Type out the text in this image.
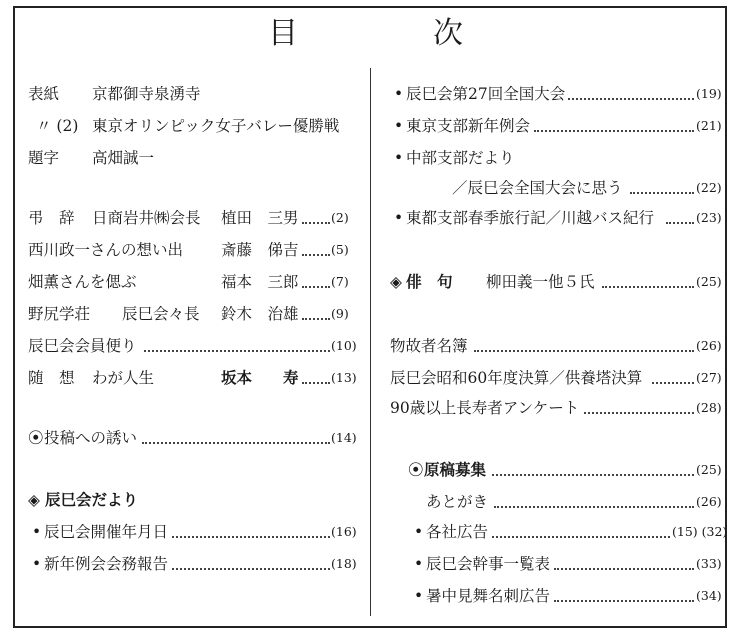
目	次
表紙 京都御寺泉湧寺
〃 (2) 東京オリンピック女子バレー優勝戦
題字 高畑誠一
弔　辞 日商岩井㈱会長 植田　三男	(2)
西川政一さんの想い出 斎藤　俤吉	(5)
畑薫さんを偲ぶ	福本　三郎	(7)
野尻学荘 辰巳会々長 鈴木　治雄	(9)
辰巳会会員便り	(10)
随　想 わが人生	坂本　　寿	(13)
⦿ 投稿への誘い	(14)
◈ 辰巳会だより
• 辰巳会開催年月日	(16)
• 新年例会会務報告	(18)
• 辰巳会第27回全国大会	(19)
• 東京支部新年例会	(21)
• 中部支部だより
／辰巳会全国大会に思う	(22)
• 東都支部春季旅行記／川越バス紀行	(23)
◈ 俳　句 柳田義一他５氏	(25)
物故者名簿	(26)
辰巳会昭和60年度決算／供養塔決算	(27)
90歳以上長寿者アンケート	(28)
⦿ 原稿募集	(25)
あとがき	(26)
• 各社広告	(15) (32)
• 辰巳会幹事一覧表	(33)
• 暑中見舞名刺広告	(34)
